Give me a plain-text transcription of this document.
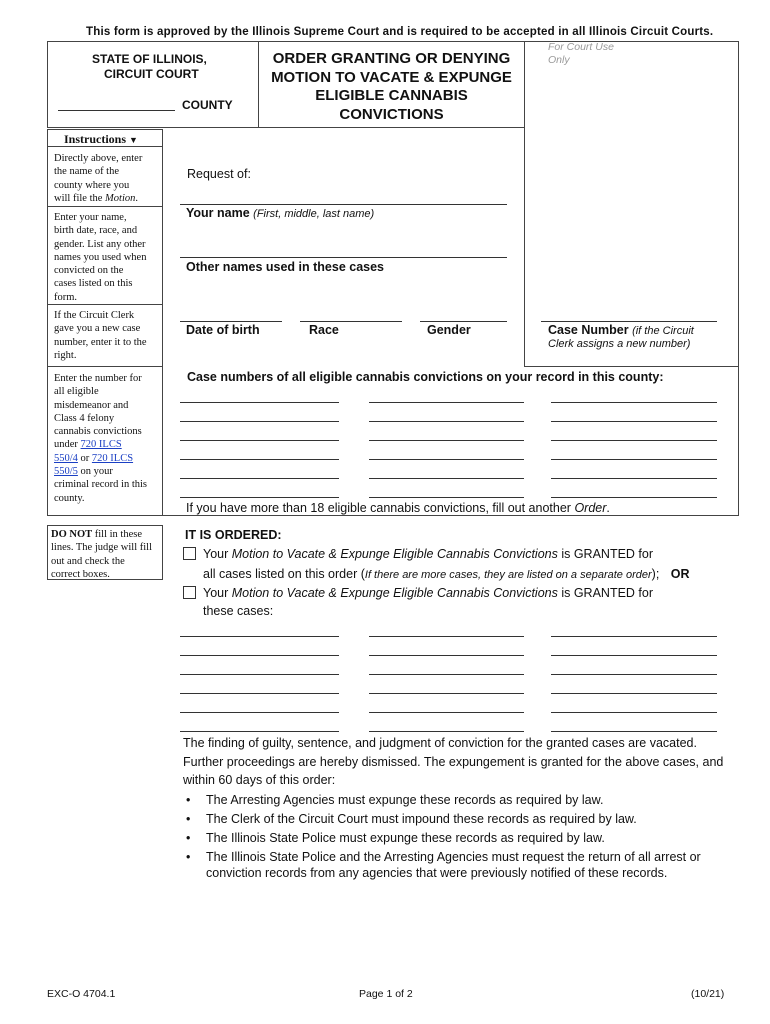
This form is approved by the Illinois Supreme Court and is required to be accepted in all Illinois Circuit Courts.
STATE OF ILLINOIS,
CIRCUIT COURT
COUNTY
ORDER GRANTING OR DENYING
MOTION TO VACATE & EXPUNGE
ELIGIBLE CANNABIS
CONVICTIONS
For Court Use
Only
Instructions ▼
Directly above, enter
the name of the
county where you
will file the Motion.
Enter your name,
birth date, race, and
gender. List any other
names you used when
convicted on the
cases listed on this
form.
If the Circuit Clerk
gave you a new case
number, enter it to the
right.
Enter the number for
all eligible
misdemeanor and
Class 4 felony
cannabis convictions
under 720 ILCS
550/4 or 720 ILCS
550/5 on your
criminal record in this
county.
DO NOT fill in these
lines. The judge will fill
out and check the
correct boxes.
Request of:
Your name (First, middle, last name)
Other names used in these cases
Date of birth	Race	Gender	Case Number (if the Circuit
Clerk assigns a new number)
Case numbers of all eligible cannabis convictions on your record in this county:
If you have more than 18 eligible cannabis convictions, fill out another Order.
IT IS ORDERED:
Your Motion to Vacate & Expunge Eligible Cannabis Convictions is GRANTED for
all cases listed on this order (If there are more cases, they are listed on a separate order); OR
Your Motion to Vacate & Expunge Eligible Cannabis Convictions is GRANTED for
these cases:
The finding of guilty, sentence, and judgment of conviction for the granted cases are vacated.
Further proceedings are hereby dismissed. The expungement is granted for the above cases, and
within 60 days of this order:
• The Arresting Agencies must expunge these records as required by law.
• The Clerk of the Circuit Court must impound these records as required by law.
• The Illinois State Police must expunge these records as required by law.
• The Illinois State Police and the Arresting Agencies must request the return of all arrest or
conviction records from any agencies that were previously notified of these records.
EXC-O 4704.1	Page 1 of 2	(10/21)
